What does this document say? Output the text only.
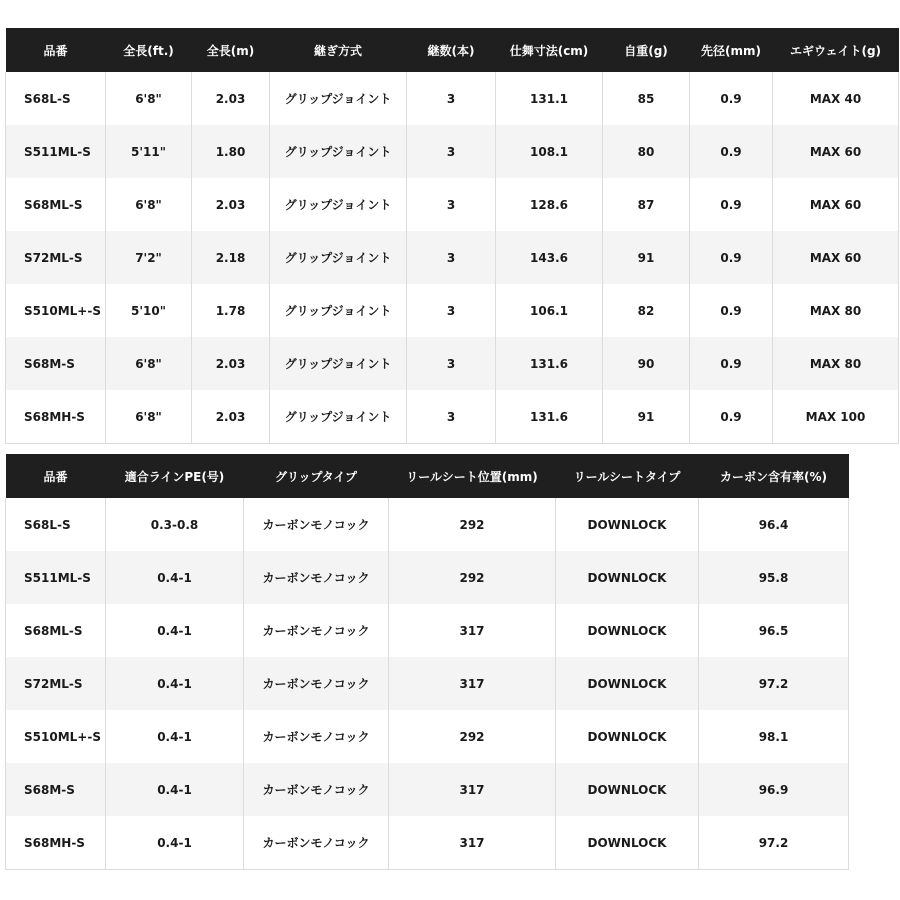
品番	全長(ft.)	全長(m)	継ぎ方式	継数(本)	仕舞寸法(cm)	自重(g)	先径(mm)	エギウェイト(g)
S68L-S	6'8"	2.03	グリップジョイント	3	131.1	85	0.9	MAX 40
S511ML-S	5'11"	1.80	グリップジョイント	3	108.1	80	0.9	MAX 60
S68ML-S	6'8"	2.03	グリップジョイント	3	128.6	87	0.9	MAX 60
S72ML-S	7'2"	2.18	グリップジョイント	3	143.6	91	0.9	MAX 60
S510ML+-S	5'10"	1.78	グリップジョイント	3	106.1	82	0.9	MAX 80
S68M-S	6'8"	2.03	グリップジョイント	3	131.6	90	0.9	MAX 80
S68MH-S	6'8"	2.03	グリップジョイント	3	131.6	91	0.9	MAX 100
品番	適合ラインPE(号)	グリップタイプ	リールシート位置(mm)	リールシートタイプ	カーボン含有率(%)
S68L-S	0.3-0.8	カーボンモノコック	292	DOWNLOCK	96.4
S511ML-S	0.4-1	カーボンモノコック	292	DOWNLOCK	95.8
S68ML-S	0.4-1	カーボンモノコック	317	DOWNLOCK	96.5
S72ML-S	0.4-1	カーボンモノコック	317	DOWNLOCK	97.2
S510ML+-S	0.4-1	カーボンモノコック	292	DOWNLOCK	98.1
S68M-S	0.4-1	カーボンモノコック	317	DOWNLOCK	96.9
S68MH-S	0.4-1	カーボンモノコック	317	DOWNLOCK	97.2
